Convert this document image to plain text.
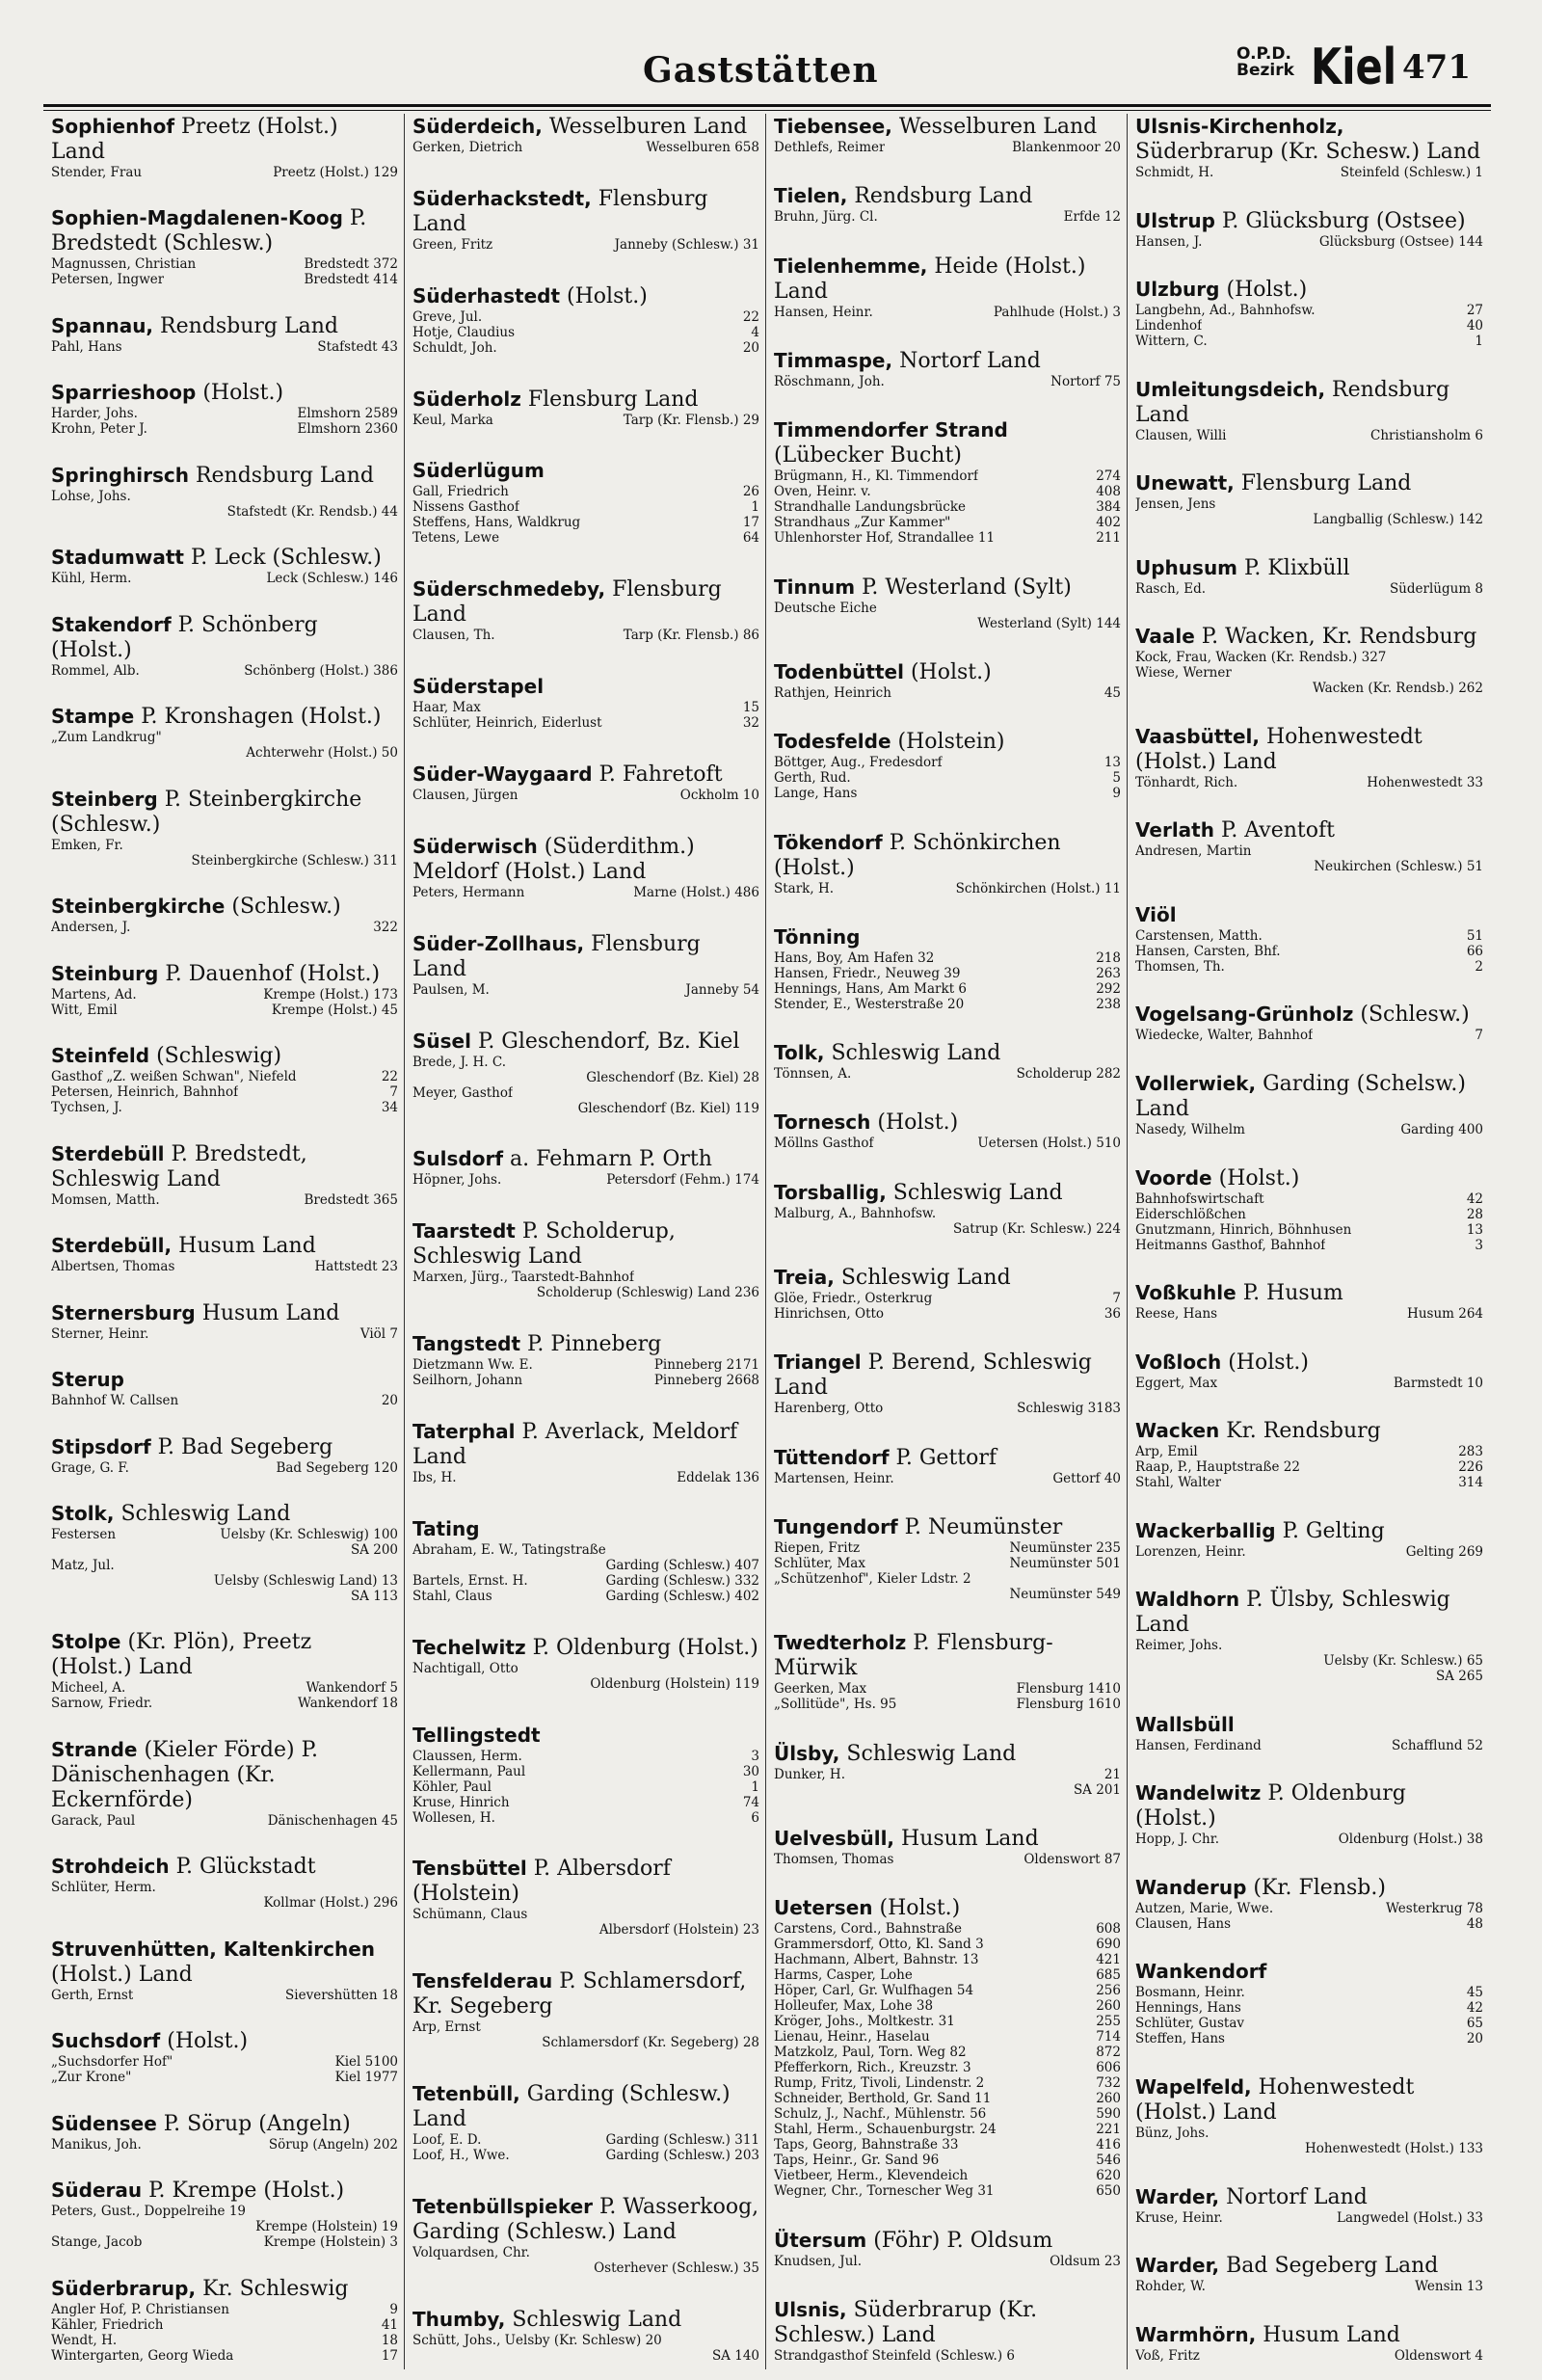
Gaststätten	O.P.D.
Bezirk Kiel 471
Sophienhof Preetz (Holst.) Land
Stender, Frau	Preetz (Holst.) 129
Sophien-Magdalenen-Koog P. Bredstedt (Schlesw.)
Magnussen, Christian	Bredstedt 372
Petersen, Ingwer	Bredstedt 414
Spannau, Rendsburg Land
Pahl, Hans	Stafstedt 43
Sparrieshoop (Holst.)
Harder, Johs.	Elmshorn 2589
Krohn, Peter J.	Elmshorn 2360
Springhirsch Rendsburg Land
Lohse, Johs.
Stafstedt (Kr. Rendsb.) 44
Stadumwatt P. Leck (Schlesw.)
Kühl, Herm.	Leck (Schlesw.) 146
Stakendorf P. Schönberg (Holst.)
Rommel, Alb.	Schönberg (Holst.) 386
Stampe P. Kronshagen (Holst.)
„Zum Landkrug"
Achterwehr (Holst.) 50
Steinberg P. Steinbergkirche (Schlesw.)
Emken, Fr.
Steinbergkirche (Schlesw.) 311
Steinbergkirche (Schlesw.)
Andersen, J.	322
Steinburg P. Dauenhof (Holst.)
Martens, Ad.	Krempe (Holst.) 173
Witt, Emil	Krempe (Holst.) 45
Steinfeld (Schleswig)
Gasthof „Z. weißen Schwan", Niefeld	22
Petersen, Heinrich, Bahnhof	7
Tychsen, J.	34
Sterdebüll P. Bredstedt, Schleswig Land
Momsen, Matth.	Bredstedt 365
Sterdebüll, Husum Land
Albertsen, Thomas	Hattstedt 23
Sternersburg Husum Land
Sterner, Heinr.	Viöl 7
Sterup
Bahnhof W. Callsen	20
Stipsdorf P. Bad Segeberg
Grage, G. F.	Bad Segeberg 120
Stolk, Schleswig Land
Festersen	Uelsby (Kr. Schleswig) 100
SA 200
Matz, Jul.
Uelsby (Schleswig Land) 13
SA 113
Stolpe (Kr. Plön), Preetz (Holst.) Land
Micheel, A.	Wankendorf 5
Sarnow, Friedr.	Wankendorf 18
Strande (Kieler Förde) P. Dänischenhagen (Kr. Eckernförde)
Garack, Paul	Dänischenhagen 45
Strohdeich P. Glückstadt
Schlüter, Herm.
Kollmar (Holst.) 296
Struvenhütten, Kaltenkirchen (Holst.) Land
Gerth, Ernst	Sievershütten 18
Suchsdorf (Holst.)
„Suchsdorfer Hof"	Kiel 5100
„Zur Krone"	Kiel 1977
Südensee P. Sörup (Angeln)
Manikus, Joh.	Sörup (Angeln) 202
Süderau P. Krempe (Holst.)
Peters, Gust., Doppelreihe 19
Krempe (Holstein) 19
Stange, Jacob	Krempe (Holstein) 3
Süderbrarup, Kr. Schleswig
Angler Hof, P. Christiansen	9
Kähler, Friedrich	41
Wendt, H.	18
Wintergarten, Georg Wieda	17
Süderdeich, Wesselburen Land
Gerken, Dietrich	Wesselburen 658
Süderhackstedt, Flensburg Land
Green, Fritz	Janneby (Schlesw.) 31
Süderhastedt (Holst.)
Greve, Jul.	22
Hotje, Claudius	4
Schuldt, Joh.	20
Süderholz Flensburg Land
Keul, Marka	Tarp (Kr. Flensb.) 29
Süderlügum
Gall, Friedrich	26
Nissens Gasthof	1
Steffens, Hans, Waldkrug	17
Tetens, Lewe	64
Süderschmedeby, Flensburg Land
Clausen, Th.	Tarp (Kr. Flensb.) 86
Süderstapel
Haar, Max	15
Schlüter, Heinrich, Eiderlust	32
Süder-Waygaard P. Fahretoft
Clausen, Jürgen	Ockholm 10
Süderwisch (Süderdithm.) Meldorf (Holst.) Land
Peters, Hermann	Marne (Holst.) 486
Süder-Zollhaus, Flensburg Land
Paulsen, M.	Janneby 54
Süsel P. Gleschendorf, Bz. Kiel
Brede, J. H. C.
Gleschendorf (Bz. Kiel) 28
Meyer, Gasthof
Gleschendorf (Bz. Kiel) 119
Sulsdorf a. Fehmarn P. Orth
Höpner, Johs.	Petersdorf (Fehm.) 174
Taarstedt P. Scholderup, Schleswig Land
Marxen, Jürg., Taarstedt-Bahnhof
Scholderup (Schleswig) Land 236
Tangstedt P. Pinneberg
Dietzmann Ww. E.	Pinneberg 2171
Seilhorn, Johann	Pinneberg 2668
Taterphal P. Averlack, Meldorf Land
Ibs, H.	Eddelak 136
Tating
Abraham, E. W., Tatingstraße
Garding (Schlesw.) 407
Bartels, Ernst. H.	Garding (Schlesw.) 332
Stahl, Claus	Garding (Schlesw.) 402
Techelwitz P. Oldenburg (Holst.)
Nachtigall, Otto
Oldenburg (Holstein) 119
Tellingstedt
Claussen, Herm.	3
Kellermann, Paul	30
Köhler, Paul	1
Kruse, Hinrich	74
Wollesen, H.	6
Tensbüttel P. Albersdorf (Holstein)
Schümann, Claus
Albersdorf (Holstein) 23
Tensfelderau P. Schlamersdorf, Kr. Segeberg
Arp, Ernst
Schlamersdorf (Kr. Segeberg) 28
Tetenbüll, Garding (Schlesw.) Land
Loof, E. D.	Garding (Schlesw.) 311
Loof, H., Wwe.	Garding (Schlesw.) 203
Tetenbüllspieker P. Wasserkoog, Garding (Schlesw.) Land
Volquardsen, Chr.
Osterhever (Schlesw.) 35
Thumby, Schleswig Land
Schütt, Johs., Uelsby (Kr. Schlesw) 20
SA 140
Tiebensee, Wesselburen Land
Dethlefs, Reimer	Blankenmoor 20
Tielen, Rendsburg Land
Bruhn, Jürg. Cl.	Erfde 12
Tielenhemme, Heide (Holst.) Land
Hansen, Heinr.	Pahlhude (Holst.) 3
Timmaspe, Nortorf Land
Röschmann, Joh.	Nortorf 75
Timmendorfer Strand (Lübecker Bucht)
Brügmann, H., Kl. Timmendorf	274
Oven, Heinr. v.	408
Strandhalle Landungsbrücke	384
Strandhaus „Zur Kammer"	402
Uhlenhorster Hof, Strandallee 11	211
Tinnum P. Westerland (Sylt)
Deutsche Eiche
Westerland (Sylt) 144
Todenbüttel (Holst.)
Rathjen, Heinrich	45
Todesfelde (Holstein)
Böttger, Aug., Fredesdorf	13
Gerth, Rud.	5
Lange, Hans	9
Tökendorf P. Schönkirchen (Holst.)
Stark, H.	Schönkirchen (Holst.) 11
Tönning
Hans, Boy, Am Hafen 32	218
Hansen, Friedr., Neuweg 39	263
Hennings, Hans, Am Markt 6	292
Stender, E., Westerstraße 20	238
Tolk, Schleswig Land
Tönnsen, A.	Scholderup 282
Tornesch (Holst.)
Möllns Gasthof	Uetersen (Holst.) 510
Torsballig, Schleswig Land
Malburg, A., Bahnhofsw.
Satrup (Kr. Schlesw.) 224
Treia, Schleswig Land
Glöe, Friedr., Osterkrug	7
Hinrichsen, Otto	36
Triangel P. Berend, Schleswig Land
Harenberg, Otto	Schleswig 3183
Tüttendorf P. Gettorf
Martensen, Heinr.	Gettorf 40
Tungendorf P. Neumünster
Riepen, Fritz	Neumünster 235
Schlüter, Max	Neumünster 501
„Schützenhof", Kieler Ldstr. 2
Neumünster 549
Twedterholz P. Flensburg-Mürwik
Geerken, Max	Flensburg 1410
„Sollitüde", Hs. 95	Flensburg 1610
Ülsby, Schleswig Land
Dunker, H.	21
SA 201
Uelvesbüll, Husum Land
Thomsen, Thomas	Oldenswort 87
Uetersen (Holst.)
Carstens, Cord., Bahnstraße	608
Grammersdorf, Otto, Kl. Sand 3	690
Hachmann, Albert, Bahnstr. 13	421
Harms, Casper, Lohe	685
Höper, Carl, Gr. Wulfhagen 54	256
Holleufer, Max, Lohe 38	260
Kröger, Johs., Moltkestr. 31	255
Lienau, Heinr., Haselau	714
Matzkolz, Paul, Torn. Weg 82	872
Pfefferkorn, Rich., Kreuzstr. 3	606
Rump, Fritz, Tivoli, Lindenstr. 2	732
Schneider, Berthold, Gr. Sand 11	260
Schulz, J., Nachf., Mühlenstr. 56	590
Stahl, Herm., Schauenburgstr. 24	221
Taps, Georg, Bahnstraße 33	416
Taps, Heinr., Gr. Sand 96	546
Vietbeer, Herm., Klevendeich	620
Wegner, Chr., Tornescher Weg 31	650
Ütersum (Föhr) P. Oldsum
Knudsen, Jul.	Oldsum 23
Ulsnis, Süderbrarup (Kr. Schlesw.) Land
Strandgasthof Steinfeld (Schlesw.) 6
Ulsnis-Kirchenholz, Süderbrarup (Kr. Schesw.) Land
Schmidt, H.	Steinfeld (Schlesw.) 1
Ulstrup P. Glücksburg (Ostsee)
Hansen, J.	Glücksburg (Ostsee) 144
Ulzburg (Holst.)
Langbehn, Ad., Bahnhofsw.	27
Lindenhof	40
Wittern, C.	1
Umleitungsdeich, Rendsburg Land
Clausen, Willi	Christiansholm 6
Unewatt, Flensburg Land
Jensen, Jens
Langballig (Schlesw.) 142
Uphusum P. Klixbüll
Rasch, Ed.	Süderlügum 8
Vaale P. Wacken, Kr. Rendsburg
Kock, Frau, Wacken (Kr. Rendsb.) 327
Wiese, Werner
Wacken (Kr. Rendsb.) 262
Vaasbüttel, Hohenwestedt (Holst.) Land
Tönhardt, Rich.	Hohenwestedt 33
Verlath P. Aventoft
Andresen, Martin
Neukirchen (Schlesw.) 51
Viöl
Carstensen, Matth.	51
Hansen, Carsten, Bhf.	66
Thomsen, Th.	2
Vogelsang-Grünholz (Schlesw.)
Wiedecke, Walter, Bahnhof	7
Vollerwiek, Garding (Schelsw.) Land
Nasedy, Wilhelm	Garding 400
Voorde (Holst.)
Bahnhofswirtschaft	42
Eiderschlößchen	28
Gnutzmann, Hinrich, Böhnhusen	13
Heitmanns Gasthof, Bahnhof	3
Voßkuhle P. Husum
Reese, Hans	Husum 264
Voßloch (Holst.)
Eggert, Max	Barmstedt 10
Wacken Kr. Rendsburg
Arp, Emil	283
Raap, P., Hauptstraße 22	226
Stahl, Walter	314
Wackerballig P. Gelting
Lorenzen, Heinr.	Gelting 269
Waldhorn P. Ülsby, Schleswig Land
Reimer, Johs.
Uelsby (Kr. Schlesw.) 65
SA 265
Wallsbüll
Hansen, Ferdinand	Schafflund 52
Wandelwitz P. Oldenburg (Holst.)
Hopp, J. Chr.	Oldenburg (Holst.) 38
Wanderup (Kr. Flensb.)
Autzen, Marie, Wwe.	Westerkrug 78
Clausen, Hans	48
Wankendorf
Bosmann, Heinr.	45
Hennings, Hans	42
Schlüter, Gustav	65
Steffen, Hans	20
Wapelfeld, Hohenwestedt (Holst.) Land
Bünz, Johs.
Hohenwestedt (Holst.) 133
Warder, Nortorf Land
Kruse, Heinr.	Langwedel (Holst.) 33
Warder, Bad Segeberg Land
Rohder, W.	Wensin 13
Warmhörn, Husum Land
Voß, Fritz	Oldenswort 4
